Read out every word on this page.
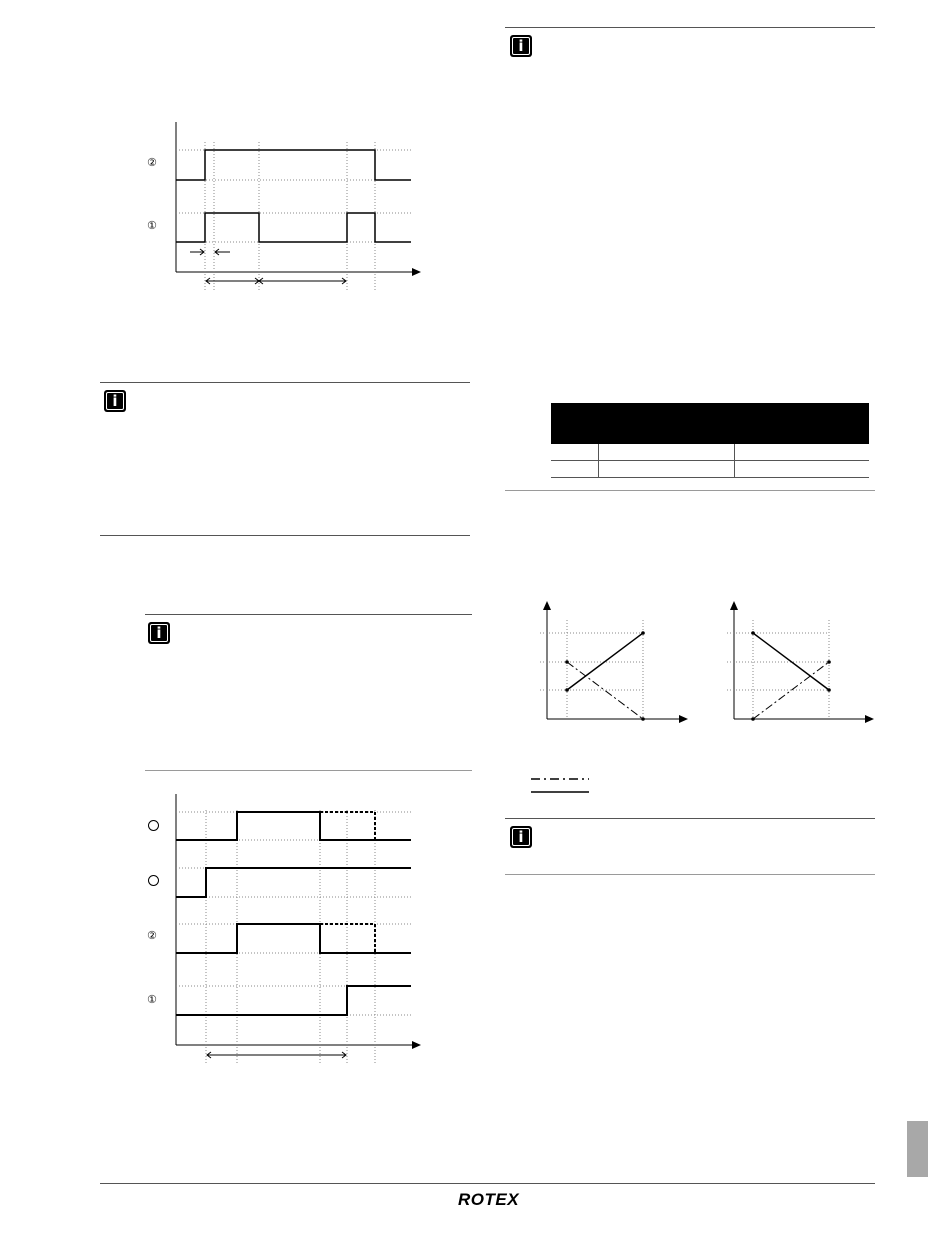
②
①
i
i
②
①
i

i
ROTEX
